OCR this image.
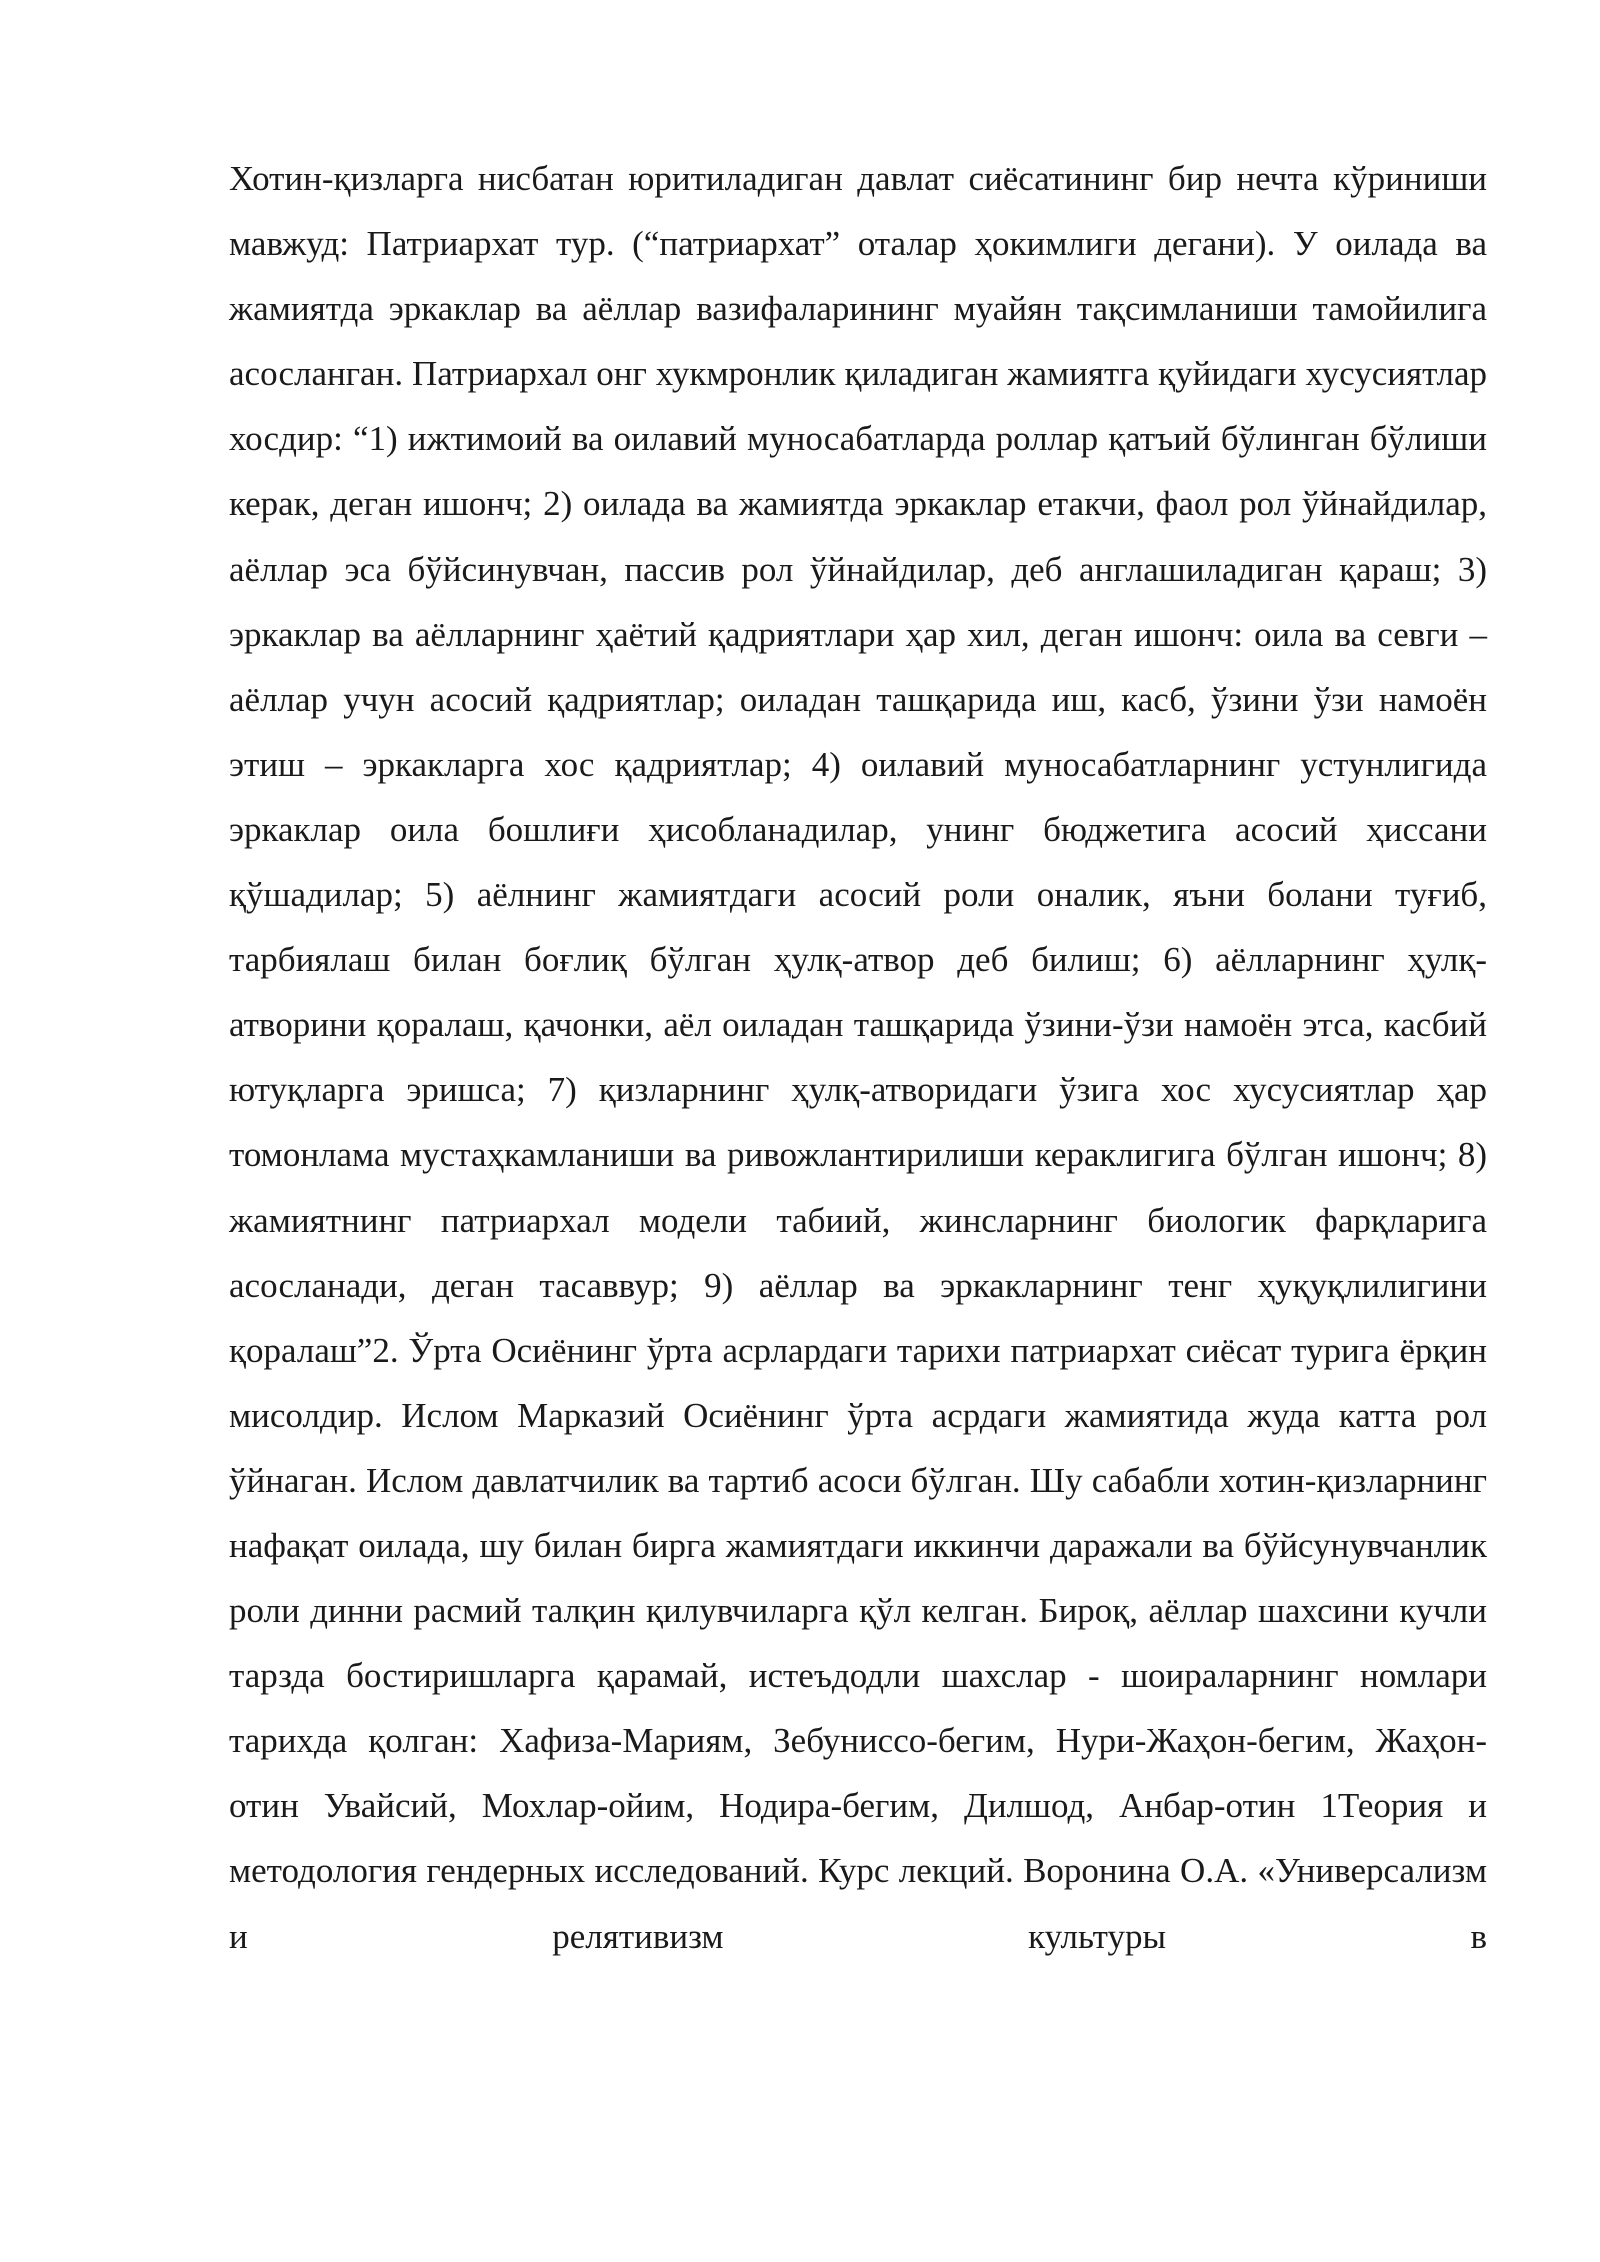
Хотин-қизларга нисбатан юритиладиган давлат сиёсатининг бир нечта кўриниши мавжуд: Патриархат тур. (“патриархат” оталар ҳокимлиги дегани). У оилада ва жамиятда эркаклар ва аёллар вазифаларининг муайян тақсимланиши тамойилига асосланган. Патриархал онг хукмронлик қиладиган жамиятга қуйидаги хусусиятлар хосдир: “1) ижтимоий ва оилавий муносабатларда роллар қатъий бўлинган бўлиши керак, деган ишонч; 2) оилада ва жамиятда эркаклар етакчи, фаол рол ўйнайдилар, аёллар эса бўйсинувчан, пассив рол ўйнайдилар, деб англашиладиган қараш; 3) эркаклар ва аёлларнинг ҳаётий қадриятлари ҳар хил, деган ишонч: оила ва севги – аёллар учун асосий қадриятлар; оиладан ташқарида иш, касб, ўзини ўзи намоён этиш – эркакларга хос қадриятлар; 4) оилавий муносабатларнинг устунлигида эркаклар оила бошлиғи ҳисобланадилар, унинг бюджетига асосий ҳиссани қўшадилар; 5) аёлнинг жамиятдаги асосий роли оналик, яъни болани туғиб, тарбиялаш билан боғлиқ бўлган ҳулқ-атвор деб билиш; 6) аёлларнинг ҳулқ-атворини қоралаш, қачонки, аёл оиладан ташқарида ўзини-ўзи намоён этса, касбий ютуқларга эришса; 7) қизларнинг ҳулқ-атворидаги ўзига хос хусусиятлар ҳар томонлама мустаҳкамланиши ва ривожлантирилиши кераклигига бўлган ишонч; 8) жамиятнинг патриархал модели табиий, жинсларнинг биологик фарқларига асосланади, деган тасаввур; 9) аёллар ва эркакларнинг тенг ҳуқуқлилигини қоралаш”2. Ўрта Осиёнинг ўрта асрлардаги тарихи патриархат сиёсат турига ёрқин мисолдир. Ислом Марказий Осиёнинг ўрта асрдаги жамиятида жуда катта рол ўйнаган. Ислом давлатчилик ва тартиб асоси бўлган. Шу сабабли хотин-қизларнинг нафақат оилада, шу билан бирга жамиятдаги иккинчи даражали ва бўйсунувчанлик роли динни расмий талқин қилувчиларга қўл келган. Бироқ, аёллар шахсини кучли тарзда бостиришларга қарамай, истеъдодли шахслар - шоираларнинг номлари тарихда қолган: Хафиза-Мариям, Зебуниссо-бегим, Нури-Жаҳон-бегим, Жаҳон-отин Увайсий, Мохлар-ойим, Нодира-бегим, Дилшод, Анбар-отин 1Теория и методология гендерных исследований. Курс лекций. Воронина О.А. «Универсализм и релятивизм культуры в
